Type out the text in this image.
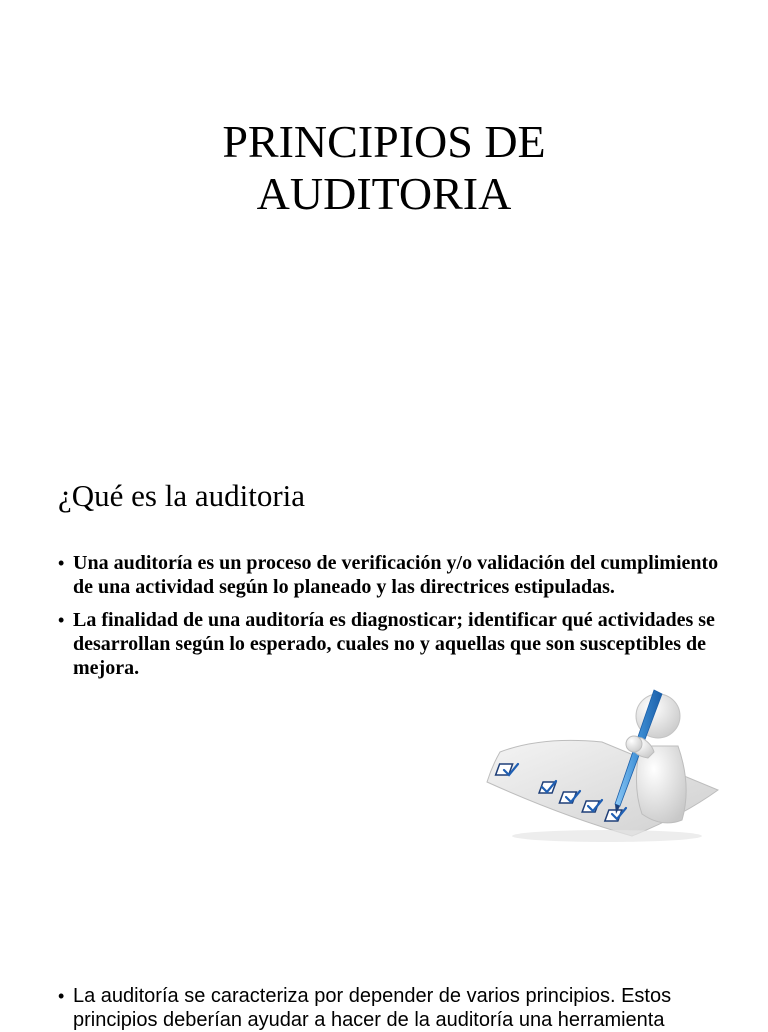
PRINCIPIOS DE
AUDITORIA
¿Qué es la auditoria
• Una auditoría es un proceso de verificación y/o validación del cumplimiento de una actividad según lo planeado y las directrices estipuladas.
• La finalidad de una auditoría es diagnosticar; identificar qué actividades se desarrollan según lo esperado, cuales no y aquellas que son susceptibles de mejora.
• La auditoría se caracteriza por depender de varios principios. Estos principios deberían ayudar a hacer de la auditoría una herramienta
